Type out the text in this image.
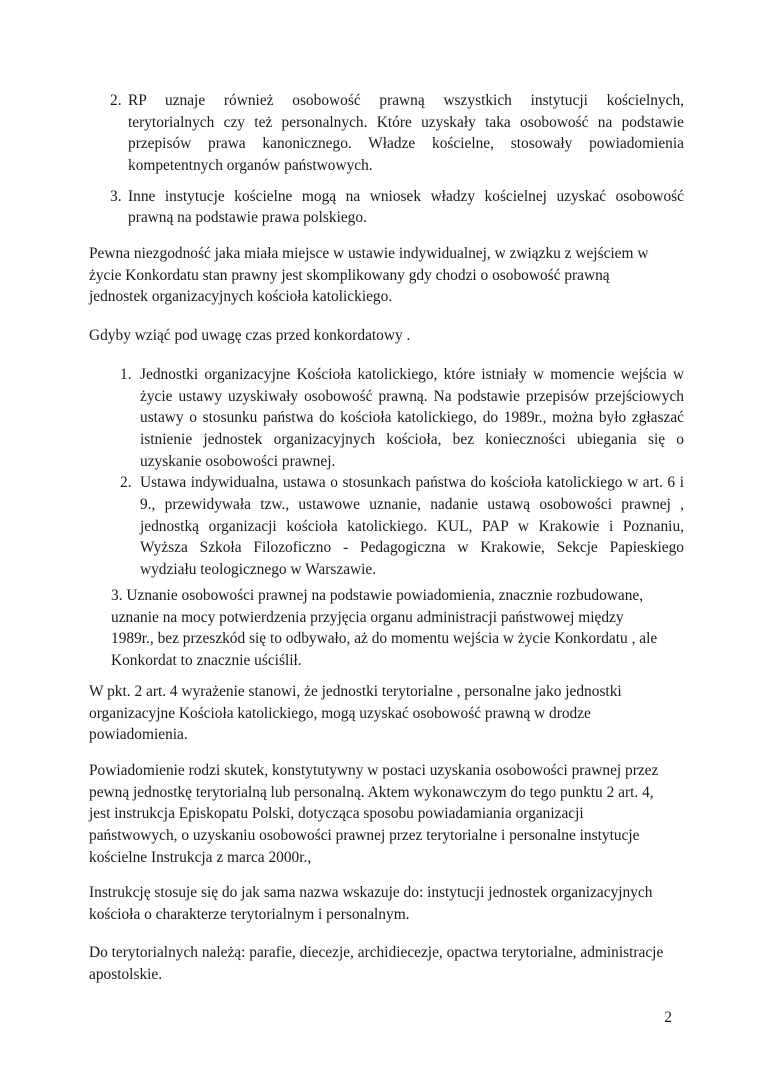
2. RP uznaje również osobowość prawną wszystkich instytucji kościelnych,
terytorialnych czy też personalnych. Które uzyskały taka osobowość na podstawie
przepisów prawa kanonicznego. Władze kościelne, stosowały powiadomienia
kompetentnych organów państwowych.
3. Inne instytucje kościelne mogą na wniosek władzy kościelnej uzyskać osobowość
prawną na podstawie prawa polskiego.
Pewna niezgodność jaka miała miejsce w ustawie indywidualnej, w związku z wejściem w
życie Konkordatu stan prawny jest skomplikowany gdy chodzi o osobowość prawną
jednostek organizacyjnych kościoła katolickiego.
Gdyby wziąć pod uwagę czas przed konkordatowy .
1. Jednostki organizacyjne Kościoła katolickiego, które istniały w momencie wejścia w
życie ustawy uzyskiwały osobowość prawną. Na podstawie przepisów przejściowych
ustawy o stosunku państwa do kościoła katolickiego, do 1989r., można było zgłaszać
istnienie jednostek organizacyjnych kościoła, bez konieczności ubiegania się o
uzyskanie osobowości prawnej.
2. Ustawa indywidualna, ustawa o stosunkach państwa do kościoła katolickiego w art. 6 i
9., przewidywała tzw., ustawowe uznanie, nadanie ustawą osobowości prawnej ,
jednostką organizacji kościoła katolickiego. KUL, PAP w Krakowie i Poznaniu,
Wyższa Szkoła Filozoficzno - Pedagogiczna w Krakowie, Sekcje Papieskiego
wydziału teologicznego w Warszawie.
3. Uznanie osobowości prawnej na podstawie powiadomienia, znacznie rozbudowane,
uznanie na mocy potwierdzenia przyjęcia organu administracji państwowej między
1989r., bez przeszkód się to odbywało, aż do momentu wejścia w życie Konkordatu , ale
Konkordat to znacznie uściślił.
W pkt. 2 art. 4 wyrażenie stanowi, że jednostki terytorialne , personalne jako jednostki
organizacyjne Kościoła katolickiego, mogą uzyskać osobowość prawną w drodze
powiadomienia.
Powiadomienie rodzi skutek, konstytutywny w postaci uzyskania osobowości prawnej przez
pewną jednostkę terytorialną lub personalną. Aktem wykonawczym do tego punktu 2 art. 4,
jest instrukcja Episkopatu Polski, dotycząca sposobu powiadamiania organizacji
państwowych, o uzyskaniu osobowości prawnej przez terytorialne i personalne instytucje
kościelne Instrukcja z marca 2000r.,
Instrukcję stosuje się do jak sama nazwa wskazuje do: instytucji jednostek organizacyjnych
kościoła o charakterze terytorialnym i personalnym.
Do terytorialnych należą: parafie, diecezje, archidiecezje, opactwa terytorialne, administracje
apostolskie.
2
